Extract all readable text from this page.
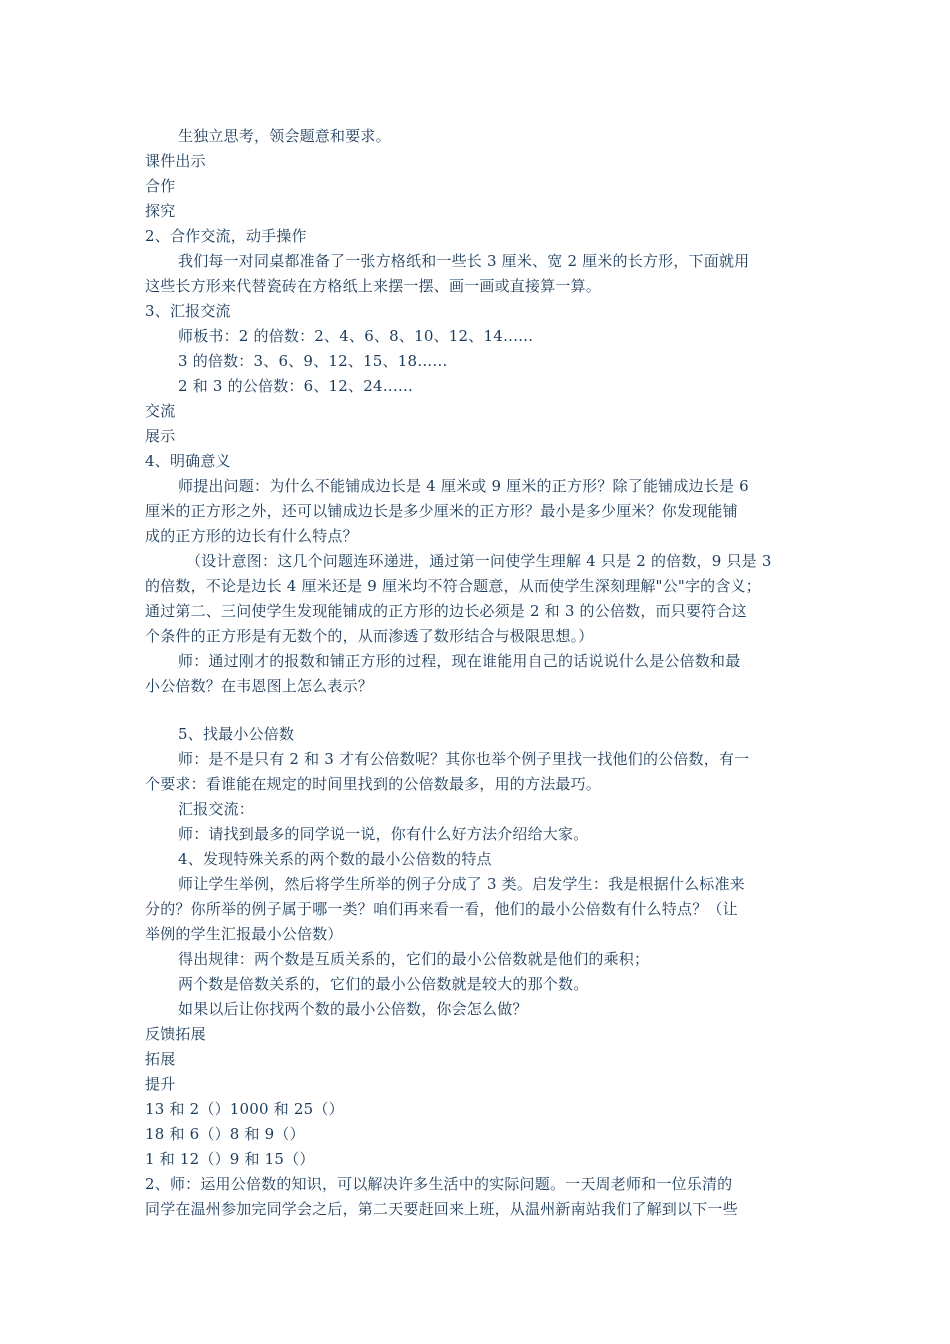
生独立思考，领会题意和要求。
课件出示
合作
探究
2、合作交流，动手操作
我们每一对同桌都准备了一张方格纸和一些长 3 厘米、宽 2 厘米的长方形，下面就用
这些长方形来代替瓷砖在方格纸上来摆一摆、画一画或直接算一算。
3、汇报交流
师板书：2 的倍数：2、4、6、8、10、12、14……
3 的倍数：3、6、9、12、15、18……
2 和 3 的公倍数：6、12、24……
交流
展示
4、明确意义
师提出问题：为什么不能铺成边长是 4 厘米或 9 厘米的正方形？除了能铺成边长是 6
厘米的正方形之外，还可以铺成边长是多少厘米的正方形？最小是多少厘米？你发现能铺
成的正方形的边长有什么特点？
（设计意图：这几个问题连环递进，通过第一问使学生理解 4 只是 2 的倍数，9 只是 3
的倍数，不论是边长 4 厘米还是 9 厘米均不符合题意，从而使学生深刻理解"公"字的含义；
通过第二、三问使学生发现能铺成的正方形的边长必须是 2 和 3 的公倍数，而只要符合这
个条件的正方形是有无数个的，从而渗透了数形结合与极限思想。）
师：通过刚才的报数和铺正方形的过程，现在谁能用自己的话说说什么是公倍数和最
小公倍数？在韦恩图上怎么表示？
5、找最小公倍数
师：是不是只有 2 和 3 才有公倍数呢？其你也举个例子里找一找他们的公倍数，有一
个要求：看谁能在规定的时间里找到的公倍数最多，用的方法最巧。
汇报交流：
师：请找到最多的同学说一说，你有什么好方法介绍给大家。
4、发现特殊关系的两个数的最小公倍数的特点
师让学生举例，然后将学生所举的例子分成了 3 类。启发学生：我是根据什么标准来
分的？你所举的例子属于哪一类？咱们再来看一看，他们的最小公倍数有什么特点？（让
举例的学生汇报最小公倍数）
得出规律：两个数是互质关系的，它们的最小公倍数就是他们的乘积；
两个数是倍数关系的，它们的最小公倍数就是较大的那个数。
如果以后让你找两个数的最小公倍数，你会怎么做？
反馈拓展
拓展
提升
13 和 2（）1000 和 25（）
18 和 6（）8 和 9（）
1 和 12（）9 和 15（）
2、师：运用公倍数的知识，可以解决许多生活中的实际问题。一天周老师和一位乐清的
同学在温州参加完同学会之后，第二天要赶回来上班，从温州新南站我们了解到以下一些
